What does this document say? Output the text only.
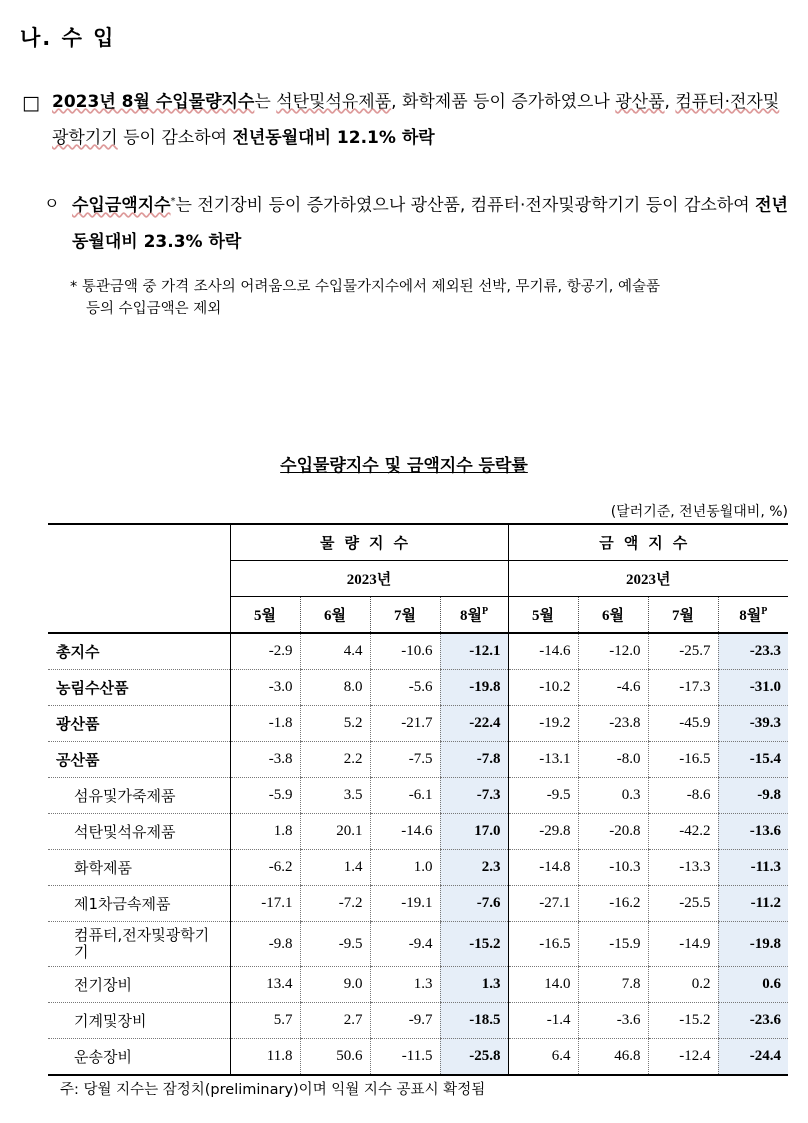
나. 수 입
□ 2023년 8월 수입물량지수는 석탄및석유제품, 화학제품 등이 증가하였으나 광산품, 컴퓨터·전자및광학기기 등이 감소하여 전년동월대비 12.1% 하락
ㅇ 수입금액지수*는 전기장비 등이 증가하였으나 광산품, 컴퓨터·전자및광학기기 등이 감소하여 전년동월대비 23.3% 하락
* 통관금액 중 가격 조사의 어려움으로 수입물가지수에서 제외된 선박, 무기류, 항공기, 예술품
등의 수입금액은 제외
수입물량지수 및 금액지수 등락률
(달러기준, 전년동월대비, %)
	물량지수				금액지수			
	2023년				2023년			
	5월	6월	7월	8월$^P$	5월	6월	7월	8월$^P$
총지수	-2.9	4.4	-10.6	-12.1	-14.6	-12.0	-25.7	-23.3
농림수산품	-3.0	8.0	-5.6	-19.8	-10.2	-4.6	-17.3	-31.0
광산품	-1.8	5.2	-21.7	-22.4	-19.2	-23.8	-45.9	-39.3
공산품	-3.8	2.2	-7.5	-7.8	-13.1	-8.0	-16.5	-15.4
섬유및가죽제품	-5.9	3.5	-6.1	-7.3	-9.5	0.3	-8.6	-9.8
석탄및석유제품	1.8	20.1	-14.6	17.0	-29.8	-20.8	-42.2	-13.6
화학제품	-6.2	1.4	1.0	2.3	-14.8	-10.3	-13.3	-11.3
제1차금속제품	-17.1	-7.2	-19.1	-7.6	-27.1	-16.2	-25.5	-11.2
컴퓨터,전자및광학기기	-9.8	-9.5	-9.4	-15.2	-16.5	-15.9	-14.9	-19.8
전기장비	13.4	9.0	1.3	1.3	14.0	7.8	0.2	0.6
기계및장비	5.7	2.7	-9.7	-18.5	-1.4	-3.6	-15.2	-23.6
운송장비	11.8	50.6	-11.5	-25.8	6.4	46.8	-12.4	-24.4
주: 당월 지수는 잠정치(preliminary)이며 익월 지수 공표시 확정됨
